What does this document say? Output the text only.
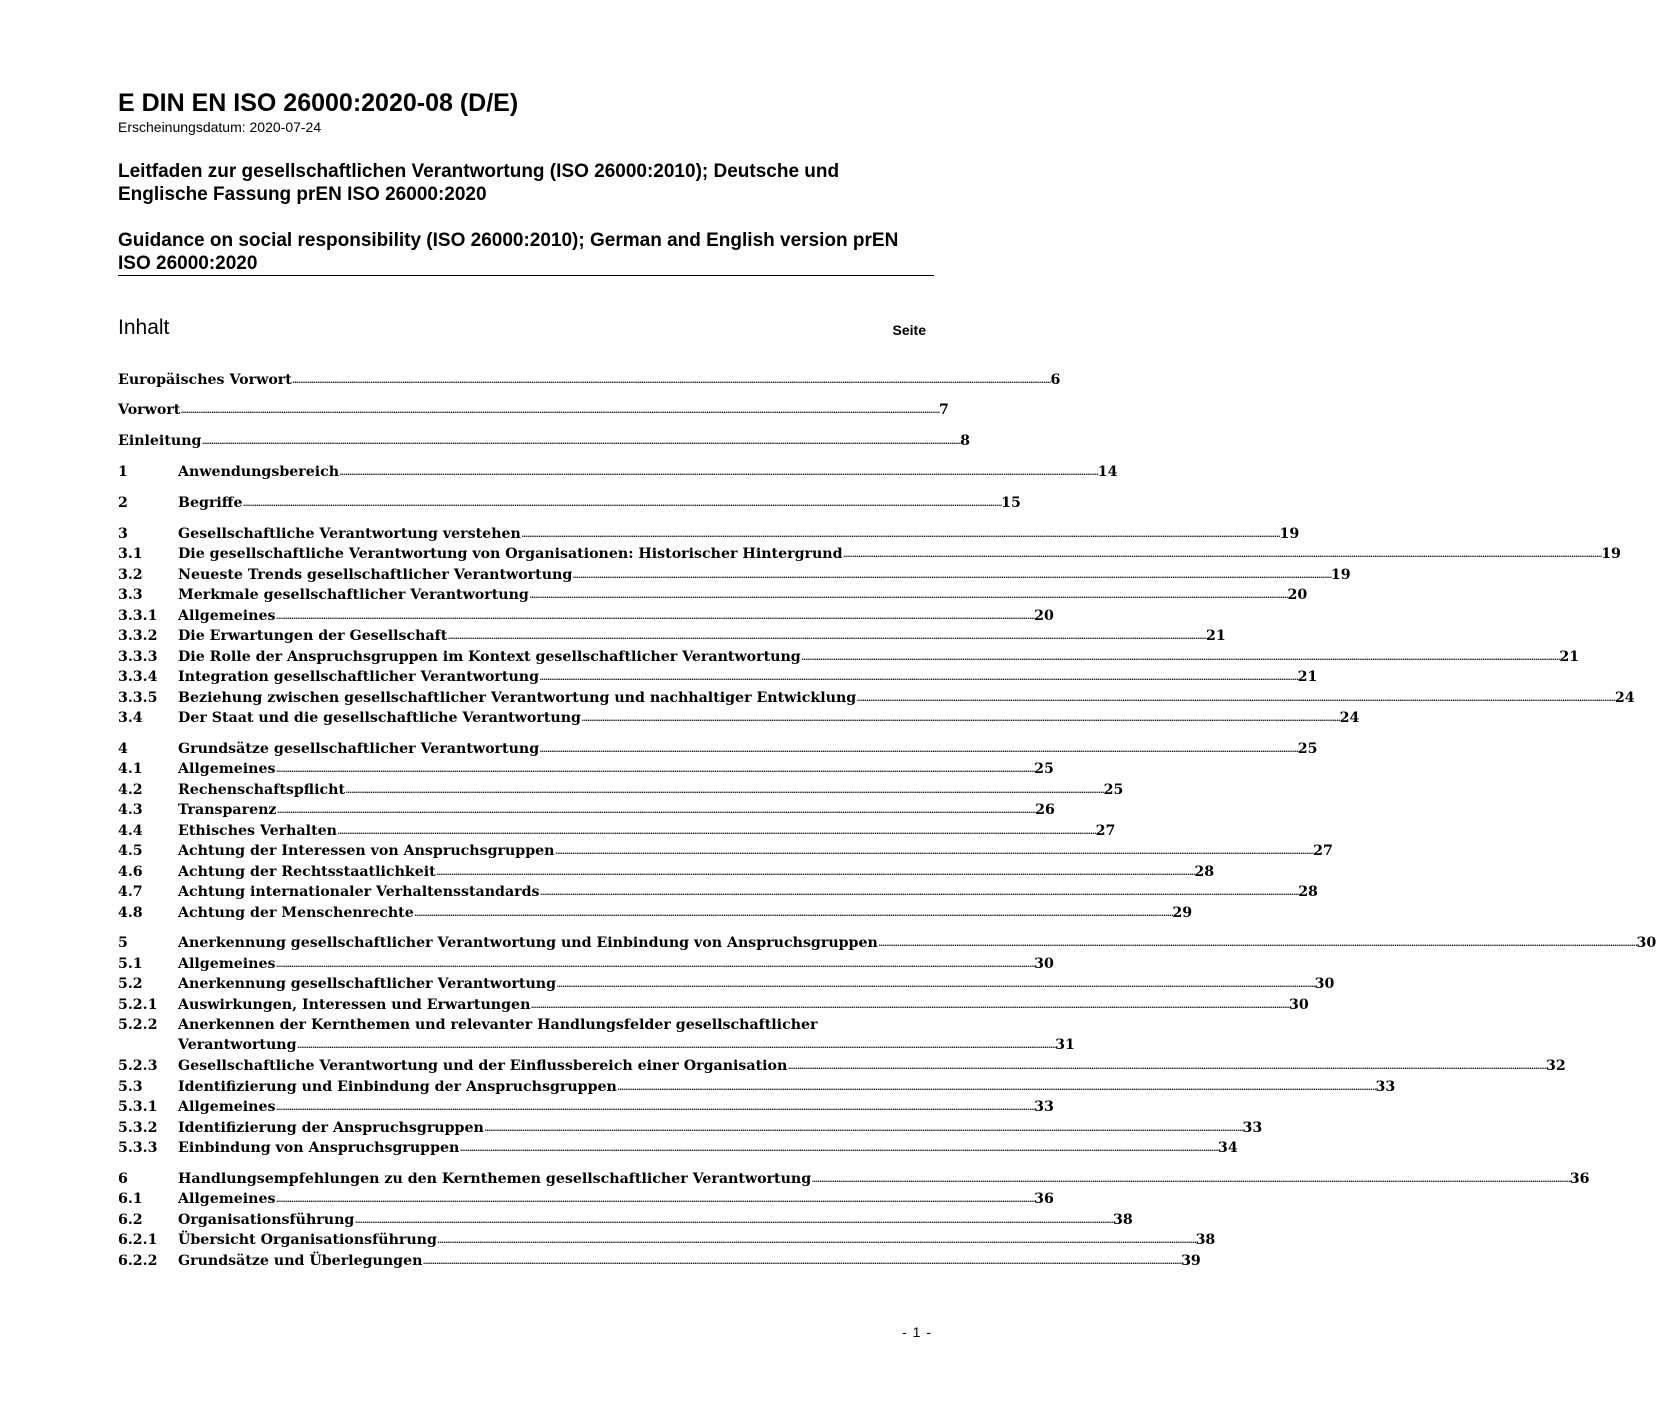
E DIN EN ISO 26000:2020-08 (D/E)
Erscheinungsdatum: 2020-07-24
Leitfaden zur gesellschaftlichen Verantwortung (ISO 26000:2010); Deutsche und Englische Fassung prEN ISO 26000:2020
Guidance on social responsibility (ISO 26000:2010); German and English version prEN ISO 26000:2020
Inhalt	Seite
Europäisches Vorwort ................................................................................................................................................................................................................................................................................................................................................................................................................ 6
Vorwort ................................................................................................................................................................................................................................................................................................................................................................................................................ 7
Einleitung ................................................................................................................................................................................................................................................................................................................................................................................................................ 8
1	Anwendungsbereich ................................................................................................................................................................................................................................................................................................................................................................................................................ 14
2	Begriffe ................................................................................................................................................................................................................................................................................................................................................................................................................ 15
3	Gesellschaftliche Verantwortung verstehen ................................................................................................................................................................................................................................................................................................................................................................................................................ 19
3.1 Die gesellschaftliche Verantwortung von Organisationen: Historischer Hintergrund ................................................................................................................................................................................................................................................................................................................................................................................................................ 19
3.2 Neueste Trends gesellschaftlicher Verantwortung ................................................................................................................................................................................................................................................................................................................................................................................................................ 19
3.3 Merkmale gesellschaftlicher Verantwortung ................................................................................................................................................................................................................................................................................................................................................................................................................ 20
3.3.1 Allgemeines ................................................................................................................................................................................................................................................................................................................................................................................................................ 20
3.3.2 Die Erwartungen der Gesellschaft ................................................................................................................................................................................................................................................................................................................................................................................................................ 21
3.3.3 Die Rolle der Anspruchsgruppen im Kontext gesellschaftlicher Verantwortung ................................................................................................................................................................................................................................................................................................................................................................................................................ 21
3.3.4 Integration gesellschaftlicher Verantwortung ................................................................................................................................................................................................................................................................................................................................................................................................................ 21
3.3.5 Beziehung zwischen gesellschaftlicher Verantwortung und nachhaltiger Entwicklung ................................................................................................................................................................................................................................................................................................................................................................................................................ 24
3.4 Der Staat und die gesellschaftliche Verantwortung ................................................................................................................................................................................................................................................................................................................................................................................................................ 24
4	Grundsätze gesellschaftlicher Verantwortung ................................................................................................................................................................................................................................................................................................................................................................................................................ 25
4.1 Allgemeines ................................................................................................................................................................................................................................................................................................................................................................................................................ 25
4.2 Rechenschaftspflicht ................................................................................................................................................................................................................................................................................................................................................................................................................ 25
4.3 Transparenz ................................................................................................................................................................................................................................................................................................................................................................................................................ 26
4.4 Ethisches Verhalten ................................................................................................................................................................................................................................................................................................................................................................................................................ 27
4.5 Achtung der Interessen von Anspruchsgruppen ................................................................................................................................................................................................................................................................................................................................................................................................................ 27
4.6 Achtung der Rechtsstaatlichkeit ................................................................................................................................................................................................................................................................................................................................................................................................................ 28
4.7 Achtung internationaler Verhaltensstandards ................................................................................................................................................................................................................................................................................................................................................................................................................ 28
4.8 Achtung der Menschenrechte ................................................................................................................................................................................................................................................................................................................................................................................................................ 29
5	Anerkennung gesellschaftlicher Verantwortung und Einbindung von Anspruchsgruppen ................................................................................................................................................................................................................................................................................................................................................................................................................ 30
5.1 Allgemeines ................................................................................................................................................................................................................................................................................................................................................................................................................ 30
5.2 Anerkennung gesellschaftlicher Verantwortung ................................................................................................................................................................................................................................................................................................................................................................................................................ 30
5.2.1 Auswirkungen, Interessen und Erwartungen ................................................................................................................................................................................................................................................................................................................................................................................................................ 30
5.2.2 Anerkennen der Kernthemen und relevanter Handlungsfelder gesellschaftlicher
Verantwortung ................................................................................................................................................................................................................................................................................................................................................................................................................ 31
5.2.3 Gesellschaftliche Verantwortung und der Einflussbereich einer Organisation ................................................................................................................................................................................................................................................................................................................................................................................................................ 32
5.3 Identifizierung und Einbindung der Anspruchsgruppen ................................................................................................................................................................................................................................................................................................................................................................................................................ 33
5.3.1 Allgemeines ................................................................................................................................................................................................................................................................................................................................................................................................................ 33
5.3.2 Identifizierung der Anspruchsgruppen ................................................................................................................................................................................................................................................................................................................................................................................................................ 33
5.3.3 Einbindung von Anspruchsgruppen ................................................................................................................................................................................................................................................................................................................................................................................................................ 34
6	Handlungsempfehlungen zu den Kernthemen gesellschaftlicher Verantwortung ................................................................................................................................................................................................................................................................................................................................................................................................................ 36
6.1 Allgemeines ................................................................................................................................................................................................................................................................................................................................................................................................................ 36
6.2 Organisationsführung ................................................................................................................................................................................................................................................................................................................................................................................................................ 38
6.2.1 Übersicht Organisationsführung ................................................................................................................................................................................................................................................................................................................................................................................................................ 38
6.2.2 Grundsätze und Überlegungen ................................................................................................................................................................................................................................................................................................................................................................................................................ 39
- 1 -
